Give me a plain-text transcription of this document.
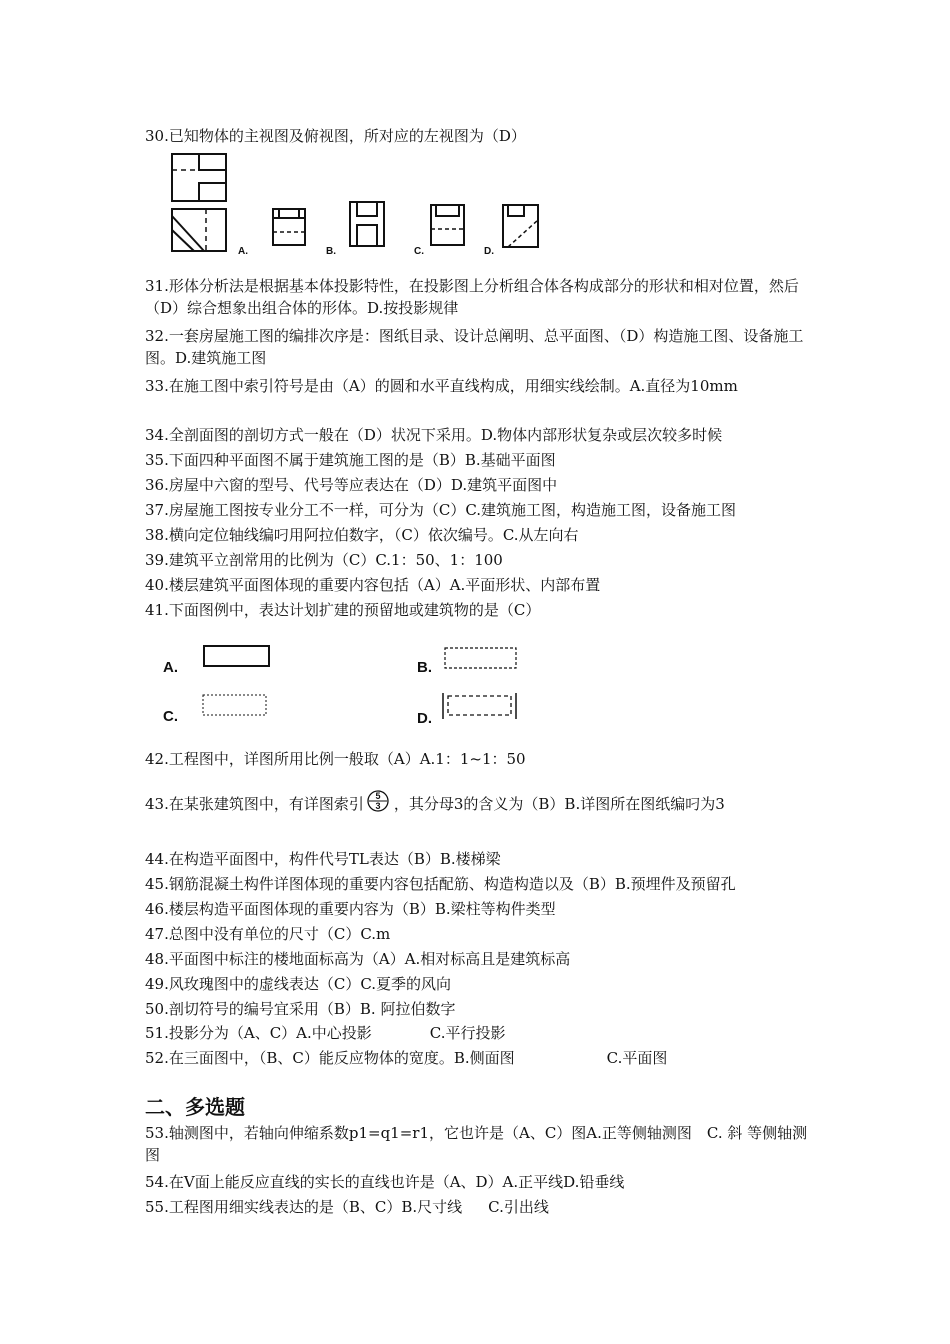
30.已知物体的主视图及俯视图，所对应的左视图为（D）
A.	B.	C.	D.
31.形体分析法是根据基本体投影特性，在投影图上分析组合体各构成部分的形状和相对位置，然后（D）综合想象出组合体的形体。D.按投影规律
32.一套房屋施工图的编排次序是：图纸目录、设计总阐明、总平面图、（D）构造施工图、设备施工图。D.建筑施工图
33.在施工图中索引符号是由（A）的圆和水平直线构成，用细实线绘制。A.直径为10mm
34.全剖面图的剖切方式一般在（D）状况下采用。D.物体内部形状复杂或层次较多时候
35.下面四种平面图不属于建筑施工图的是（B）B.基础平面图
36.房屋中六窗的型号、代号等应表达在（D）D.建筑平面图中
37.房屋施工图按专业分工不一样，可分为（C）C.建筑施工图，构造施工图，设备施工图
38.横向定位轴线编叼用阿拉伯数字，（C）依次编号。C.从左向右
39.建筑平立剖常用的比例为（C）C.1：50、1：100
40.楼层建筑平面图体现的重要内容包括（A）A.平面形状、内部布置
41.下面图例中，表达计划扩建的预留地或建筑物的是（C）
A.	B.
C.	D.
42.工程图中，详图所用比例一般取（A）A.1：1~1：50
43.在某张建筑图中，有详图索引 5
3 ，其分母3的含义为（B）B.详图所在图纸编叼为3
44.在构造平面图中，构件代号TL表达（B）B.楼梯梁
45.钢筋混凝土构件详图体现的重要内容包括配筋、构造构造以及（B）B.预埋件及预留孔
46.楼层构造平面图体现的重要内容为（B）B.梁柱等构件类型
47.总图中没有单位的尺寸（C）C.m
48.平面图中标注的楼地面标高为（A）A.相对标高且是建筑标高
49.风玫瑰图中的虚线表达（C）C.夏季的风向
50.剖切符号的编号宜采用（B）B. 阿拉伯数字
51.投影分为（A、C）A.中心投影	C.平行投影
52.在三面图中，（B、C）能反应物体的宽度。B.侧面图	C.平面图
二、多选题
53.轴测图中，若轴向伸缩系数p1=q1=r1，它也许是（A、C）图A.正等侧轴测图　C. 斜 等侧轴测图
54.在V面上能反应直线的实长的直线也许是（A、D）A.正平线D.铅垂线
55.工程图用细实线表达的是（B、C）B.尺寸线 C.引出线
